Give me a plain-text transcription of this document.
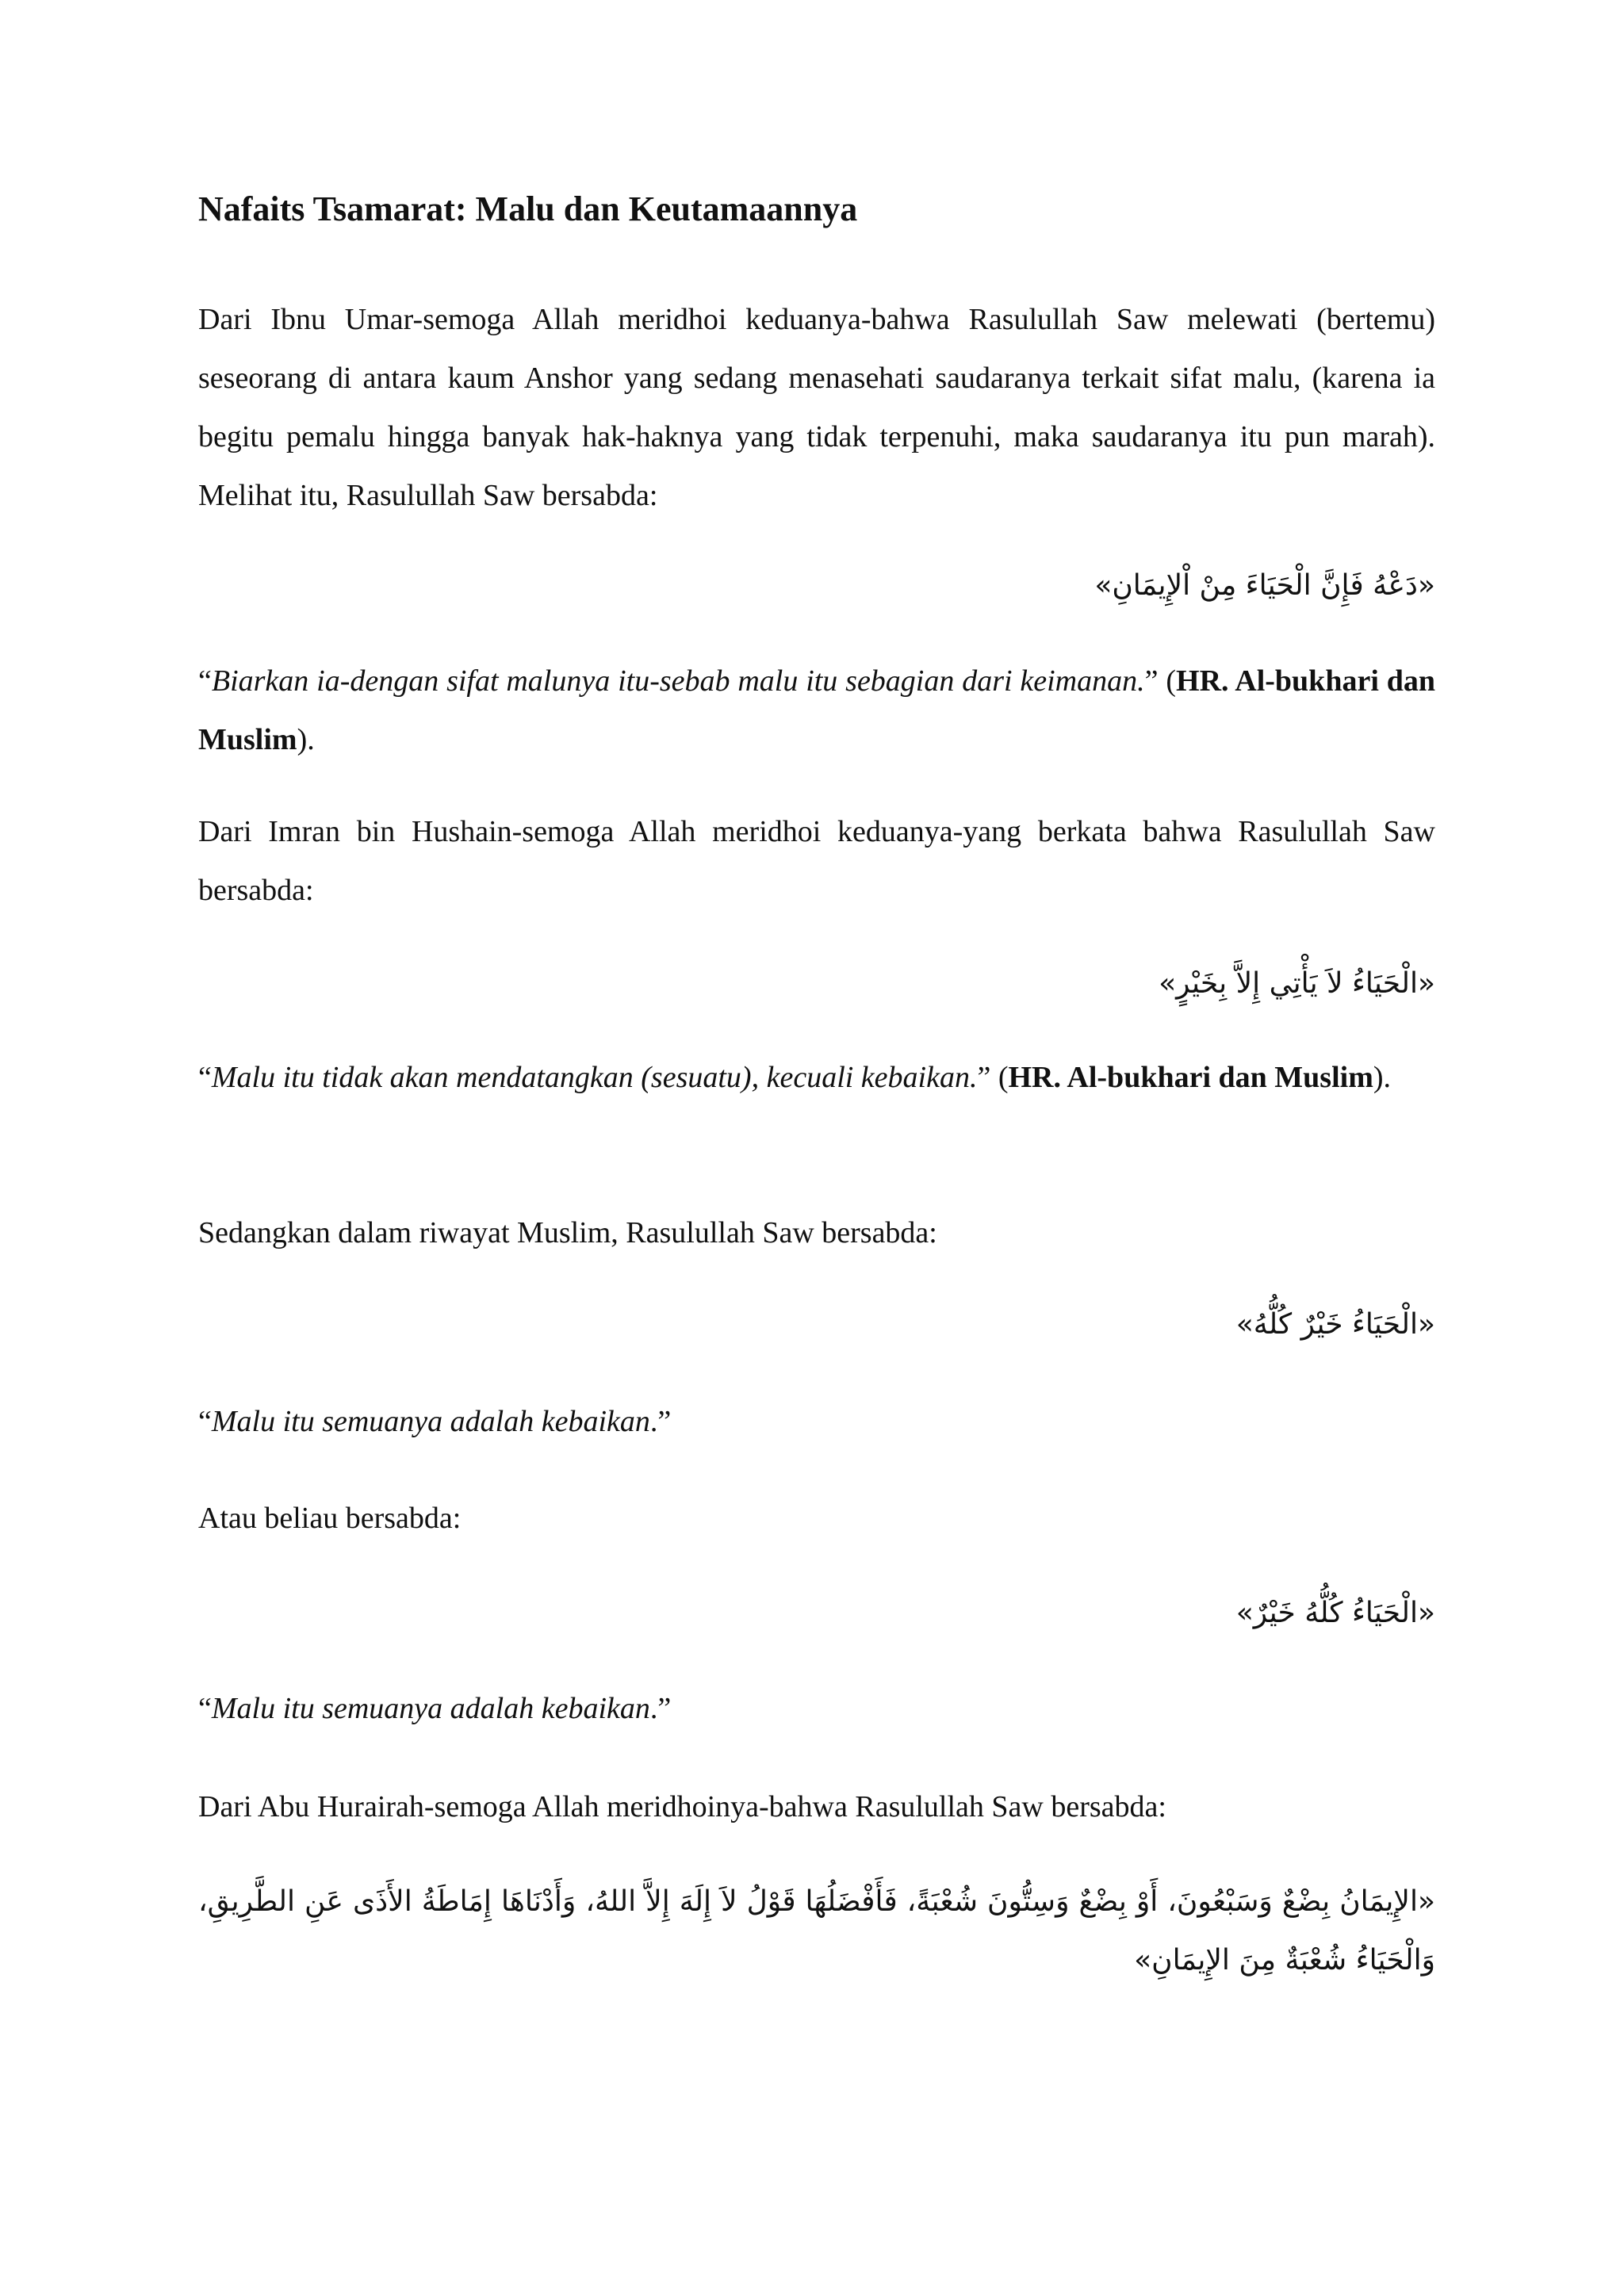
Nafaits Tsamarat: Malu dan Keutamaannya

Dari Ibnu Umar-semoga Allah meridhoi keduanya-bahwa Rasulullah Saw melewati (bertemu) seseorang di antara kaum Anshor yang sedang menasehati saudaranya terkait sifat malu, (karena ia begitu pemalu hingga banyak hak-haknya yang tidak terpenuhi, maka saudaranya itu pun marah). Melihat itu, Rasulullah Saw bersabda:

«دَعْهُ فَإِنَّ الْحَيَاءَ مِنْ اْلإِيمَانِ»

“Biarkan ia-dengan sifat malunya itu-sebab malu itu sebagian dari keimanan.” (HR. Al-bukhari dan Muslim).

Dari Imran bin Hushain-semoga Allah meridhoi keduanya-yang berkata bahwa Rasulullah Saw bersabda:

«الْحَيَاءُ لاَ يَأْتِي إِلاَّ بِخَيْرٍ»

“Malu itu tidak akan mendatangkan (sesuatu), kecuali kebaikan.” (HR. Al-bukhari dan Muslim).

Sedangkan dalam riwayat Muslim, Rasulullah Saw bersabda:

«الْحَيَاءُ خَيْرٌ كُلُّهُ»

“Malu itu semuanya adalah kebaikan.”

Atau beliau bersabda:

«الْحَيَاءُ كُلُّهُ خَيْرٌ»

“Malu itu semuanya adalah kebaikan.”

Dari Abu Hurairah-semoga Allah meridhoinya-bahwa Rasulullah Saw bersabda:

«الإِيمَانُ بِضْعٌ وَسَبْعُونَ، أَوْ بِضْعٌ وَسِتُّونَ شُعْبَةً، فَأَفْضَلُهَا قَوْلُ لاَ إِلَهَ إِلاَّ اللهُ، وَأَدْنَاهَا إِمَاطَةُ الأَذَى عَنِ الطَّرِيقِ، وَالْحَيَاءُ شُعْبَةٌ مِنَ الإِيمَانِ»
